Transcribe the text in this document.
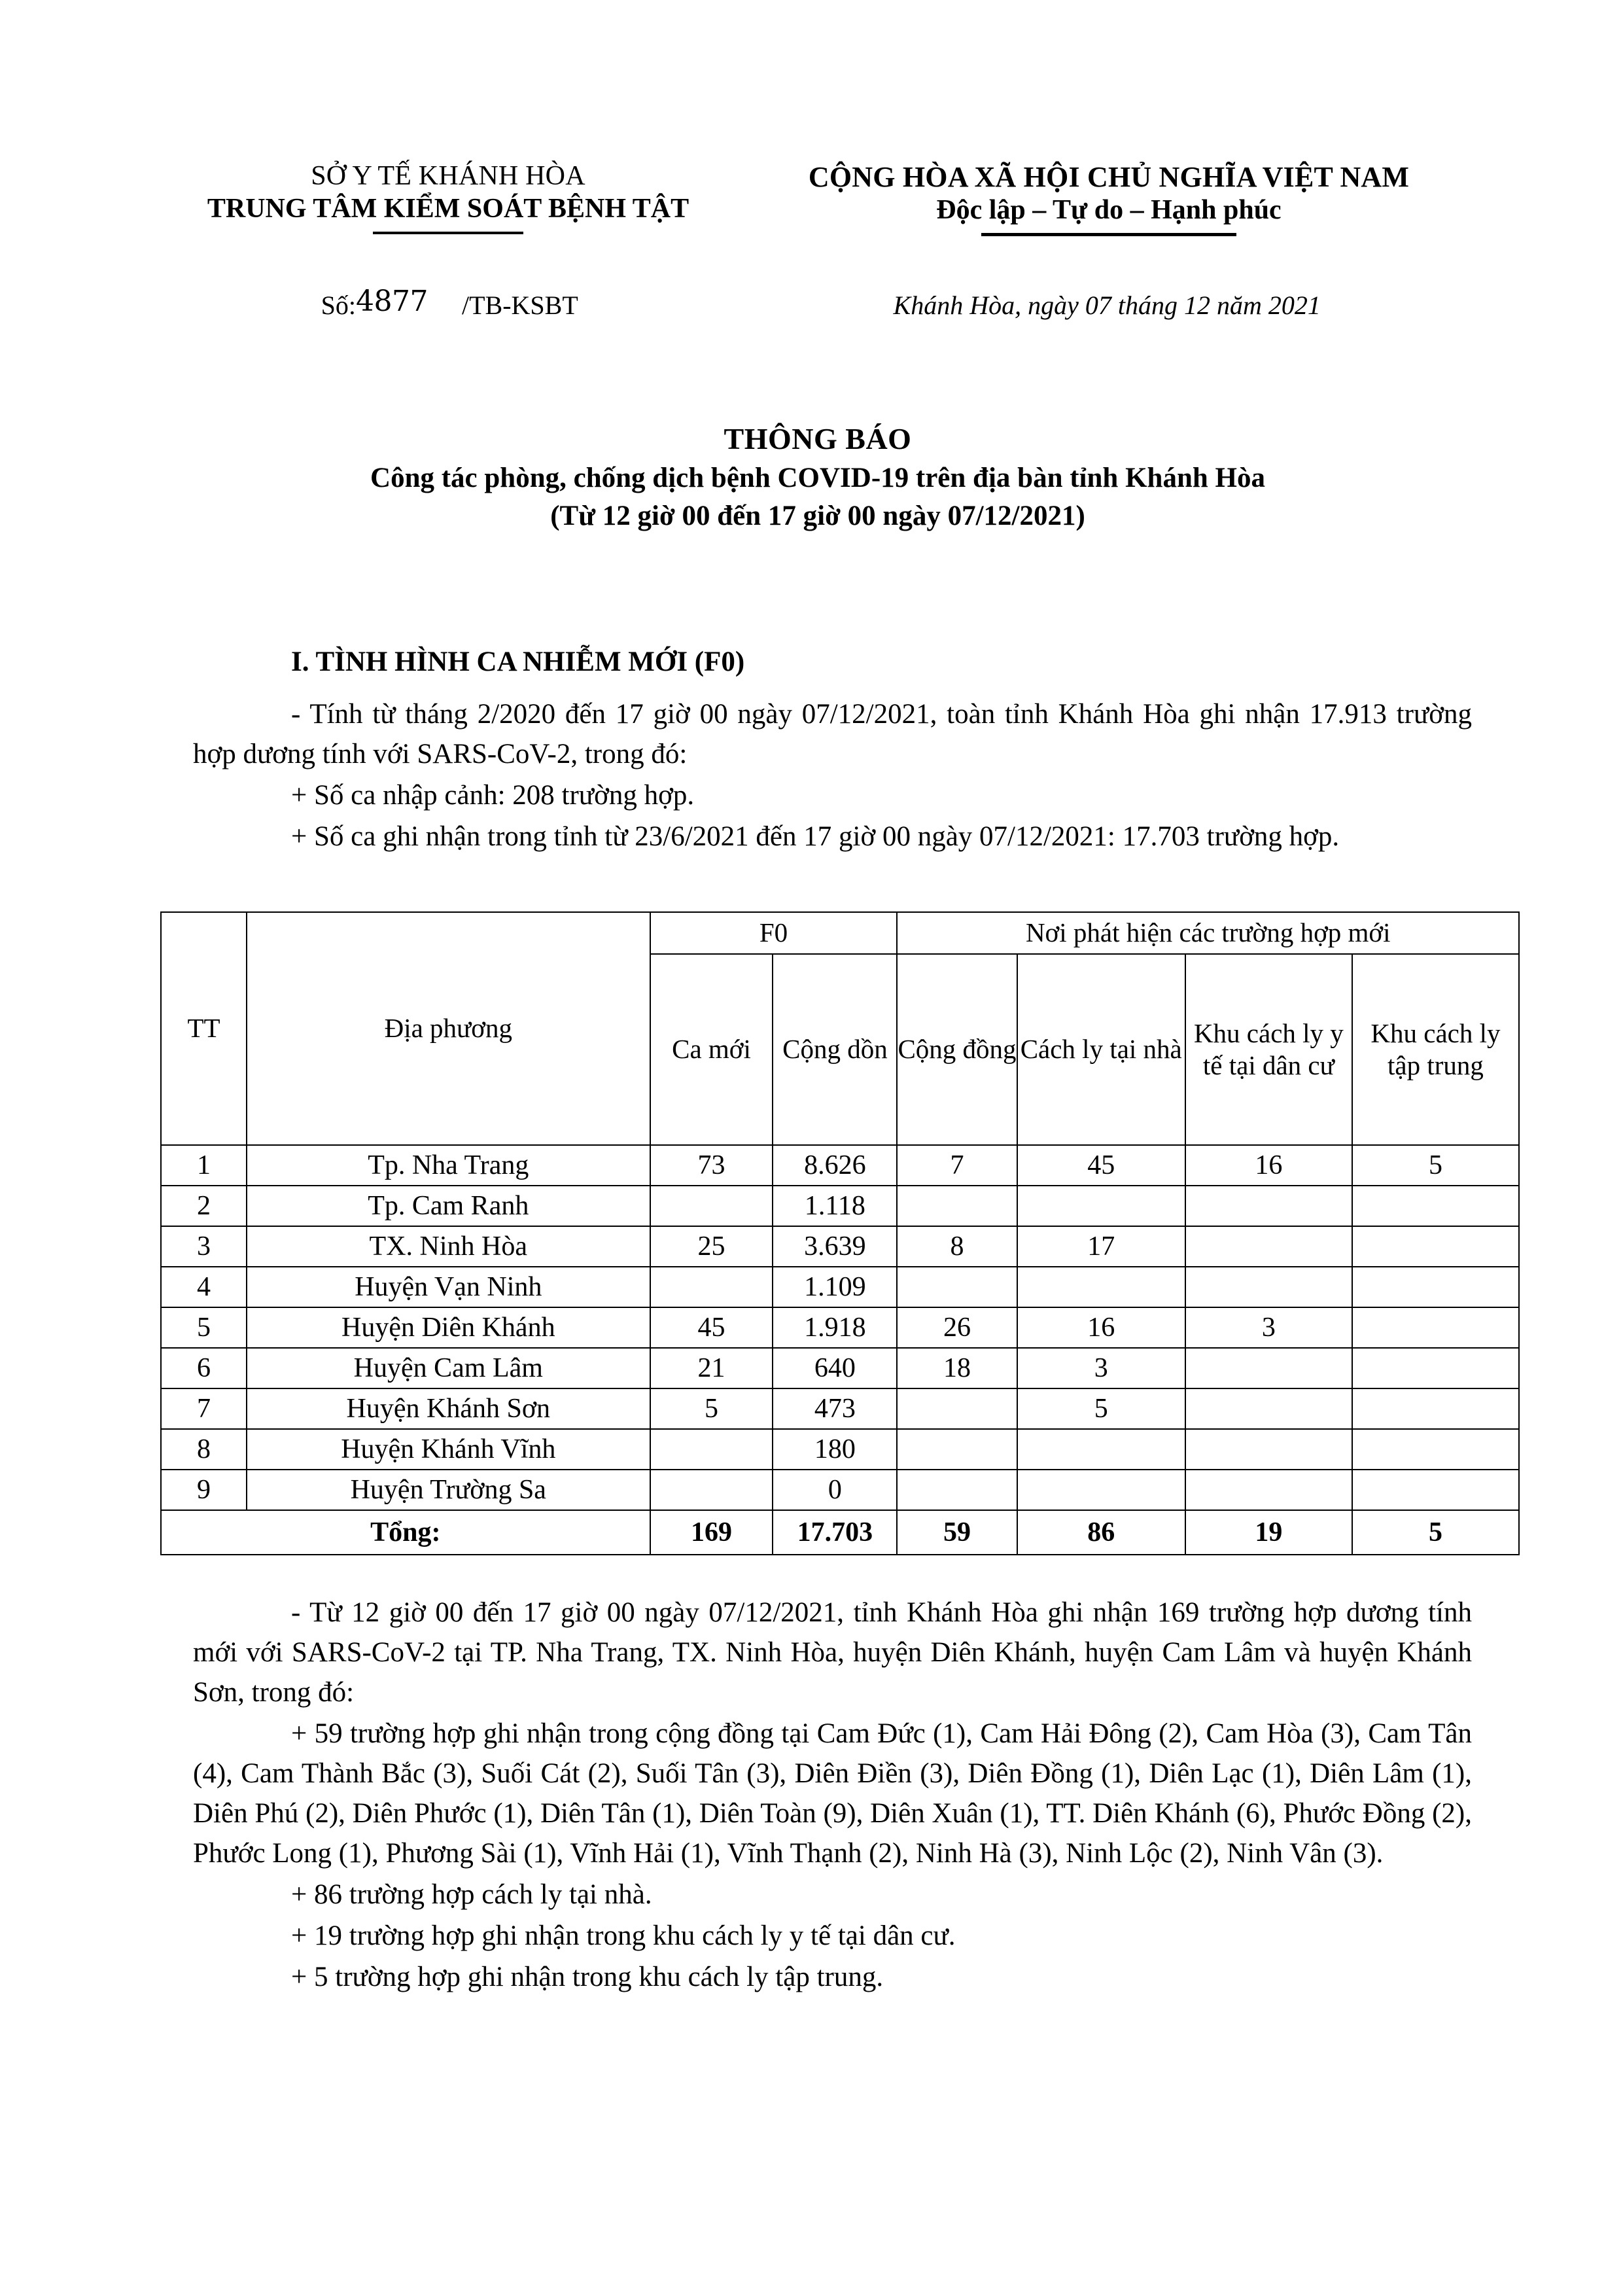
SỞ Y TẾ KHÁNH HÒA
TRUNG TÂM KIỂM SOÁT BỆNH TẬT
CỘNG HÒA XÃ HỘI CHỦ NGHĨA VIỆT NAM
Độc lập – Tự do – Hạnh phúc
Số:4877 /TB-KSBT	Khánh Hòa, ngày 07 tháng 12 năm 2021
THÔNG BÁO
Công tác phòng, chống dịch bệnh COVID-19 trên địa bàn tỉnh Khánh Hòa
(Từ 12 giờ 00 đến 17 giờ 00 ngày 07/12/2021)
I. TÌNH HÌNH CA NHIỄM MỚI (F0)

- Tính từ tháng 2/2020 đến 17 giờ 00 ngày 07/12/2021, toàn tỉnh Khánh Hòa ghi nhận 17.913 trường hợp dương tính với SARS-CoV-2, trong đó:

+ Số ca nhập cảnh: 208 trường hợp.

+ Số ca ghi nhận trong tỉnh từ 23/6/2021 đến 17 giờ 00 ngày 07/12/2021: 17.703 trường hợp.

TT	Địa phương	F0		Nơi phát hiện các trường hợp mới			
		Ca mới	Cộng dồn	Cộng đồng	Cách ly tại nhà	Khu cách ly y tế tại dân cư	Khu cách ly tập trung
1	Tp. Nha Trang	73	8.626	7	45	16	5
2	Tp. Cam Ranh		1.118				
3	TX. Ninh Hòa	25	3.639	8	17		
4	Huyện Vạn Ninh		1.109				
5	Huyện Diên Khánh	45	1.918	26	16	3	
6	Huyện Cam Lâm	21	640	18	3		
7	Huyện Khánh Sơn	5	473		5		
8	Huyện Khánh Vĩnh		180				
9	Huyện Trường Sa		0				
Tổng:		169	17.703	59	86	19	5

- Từ 12 giờ 00 đến 17 giờ 00 ngày 07/12/2021, tỉnh Khánh Hòa ghi nhận 169 trường hợp dương tính mới với SARS-CoV-2 tại TP. Nha Trang, TX. Ninh Hòa, huyện Diên Khánh, huyện Cam Lâm và huyện Khánh Sơn, trong đó:

+ 59 trường hợp ghi nhận trong cộng đồng tại Cam Đức (1), Cam Hải Đông (2), Cam Hòa (3), Cam Tân (4), Cam Thành Bắc (3), Suối Cát (2), Suối Tân (3), Diên Điền (3), Diên Đồng (1), Diên Lạc (1), Diên Lâm (1), Diên Phú (2), Diên Phước (1), Diên Tân (1), Diên Toàn (9), Diên Xuân (1), TT. Diên Khánh (6), Phước Đồng (2), Phước Long (1), Phương Sài (1), Vĩnh Hải (1), Vĩnh Thạnh (2), Ninh Hà (3), Ninh Lộc (2), Ninh Vân (3).

+ 86 trường hợp cách ly tại nhà.

+ 19 trường hợp ghi nhận trong khu cách ly y tế tại dân cư.

+ 5 trường hợp ghi nhận trong khu cách ly tập trung.
